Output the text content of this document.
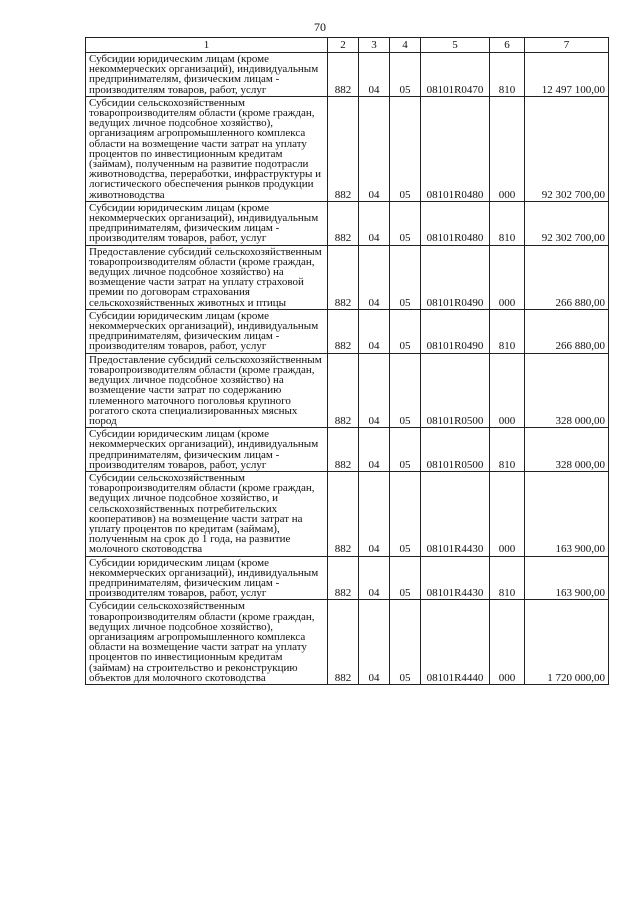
70
1	2	3	4	5	6	7
Субсидии юридическим лицам (кроме некоммерческих организаций), индивидуальным предпринимателям, физическим лицам - производителям товаров, работ, услуг	882	04	05	08101R0470	810	12 497 100,00
Субсидии сельскохозяйственным товаропроизводителям области (кроме граждан, ведущих личное подсобное хозяйство), организациям агропромышленного комплекса области на возмещение части затрат на уплату процентов по инвестиционным кредитам (займам), полученным на развитие подотрасли животноводства, переработки, инфраструктуры и логистического обеспечения рынков продукции животноводства	882	04	05	08101R0480	000	92 302 700,00
Субсидии юридическим лицам (кроме некоммерческих организаций), индивидуальным предпринимателям, физическим лицам - производителям товаров, работ, услуг	882	04	05	08101R0480	810	92 302 700,00
Предоставление субсидий сельскохозяйственным товаропроизводителям области (кроме граждан, ведущих личное подсобное хозяйство) на возмещение части затрат на уплату страховой премии по договорам страхования сельскохозяйственных животных и птицы	882	04	05	08101R0490	000	266 880,00
Субсидии юридическим лицам (кроме некоммерческих организаций), индивидуальным предпринимателям, физическим лицам - производителям товаров, работ, услуг	882	04	05	08101R0490	810	266 880,00
Предоставление субсидий сельскохозяйственным товаропроизводителям области (кроме граждан, ведущих личное подсобное хозяйство) на возмещение части затрат по содержанию племенного маточного поголовья крупного рогатого скота специализированных мясных пород	882	04	05	08101R0500	000	328 000,00
Субсидии юридическим лицам (кроме некоммерческих организаций), индивидуальным предпринимателям, физическим лицам - производителям товаров, работ, услуг	882	04	05	08101R0500	810	328 000,00
Субсидии сельскохозяйственным товаропроизводителям области (кроме граждан, ведущих личное подсобное хозяйство, и сельскохозяйственных потребительских кооперативов) на возмещение части затрат на уплату процентов по кредитам (займам), полученным на срок до 1 года, на развитие молочного скотоводства	882	04	05	08101R4430	000	163 900,00
Субсидии юридическим лицам (кроме некоммерческих организаций), индивидуальным предпринимателям, физическим лицам - производителям товаров, работ, услуг	882	04	05	08101R4430	810	163 900,00
Субсидии сельскохозяйственным товаропроизводителям области (кроме граждан, ведущих личное подсобное хозяйство), организациям агропромышленного комплекса области на возмещение части затрат на уплату процентов по инвестиционным кредитам (займам) на строительство и реконструкцию объектов для молочного скотоводства	882	04	05	08101R4440	000	1 720 000,00
